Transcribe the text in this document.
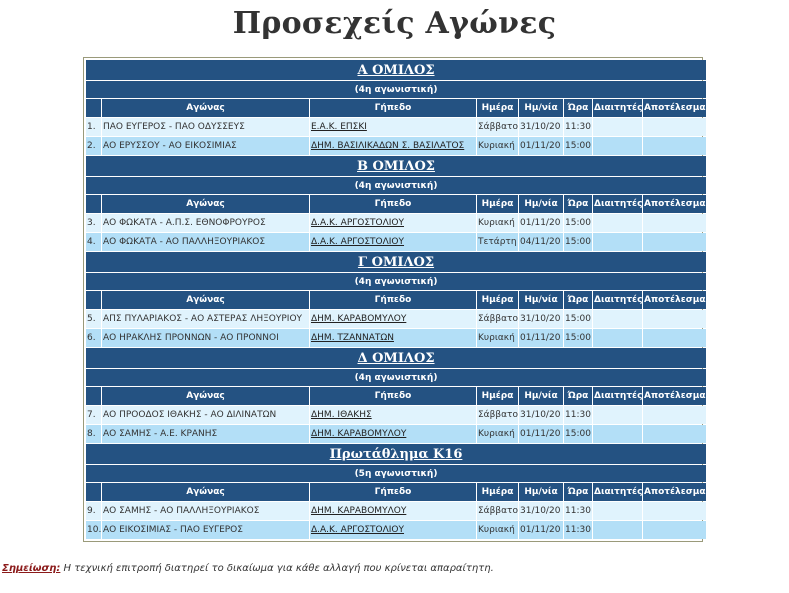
Προσεχείς Αγώνες
Α ΟΜΙΛΟΣ							
(4η αγωνιστική)							
	Αγώνας	Γήπεδο	Ημέρα	Ημ/νία	Ώρα	Διαιτητές	Αποτέλεσμα
1.	ΠΑΟ ΕΥΓΕΡΟΣ - ΠΑΟ ΟΔΥΣΣΕΥΣ	Ε.Α.Κ. ΕΠΣΚΙ	Σάββατο	31/10/20	11:30		
2.	ΑΟ ΕΡΥΣΣΟΥ - ΑΟ ΕΙΚΟΣΙΜΙΑΣ	ΔΗΜ. ΒΑΣΙΛΙΚΑΔΩΝ Σ. ΒΑΣΙΛΑΤΟΣ	Κυριακή	01/11/20	15:00		
Β ΟΜΙΛΟΣ							
(4η αγωνιστική)							
	Αγώνας	Γήπεδο	Ημέρα	Ημ/νία	Ώρα	Διαιτητές	Αποτέλεσμα
3.	ΑΟ ΦΩΚΑΤΑ - Α.Π.Σ. ΕΘΝΟΦΡΟΥΡΟΣ	Δ.Α.Κ. ΑΡΓΟΣΤΟΛΙΟΥ	Κυριακή	01/11/20	15:00		
4.	ΑΟ ΦΩΚΑΤΑ - ΑΟ ΠΑΛΛΗΞΟΥΡΙΑΚΟΣ	Δ.Α.Κ. ΑΡΓΟΣΤΟΛΙΟΥ	Τετάρτη	04/11/20	15:00		
Γ ΟΜΙΛΟΣ							
(4η αγωνιστική)							
	Αγώνας	Γήπεδο	Ημέρα	Ημ/νία	Ώρα	Διαιτητές	Αποτέλεσμα
5.	ΑΠΣ ΠΥΛΑΡΙΑΚΟΣ - ΑΟ ΑΣΤΕΡΑΣ ΛΗΞΟΥΡΙΟΥ	ΔΗΜ. ΚΑΡΑΒΟΜΥΛΟΥ	Σάββατο	31/10/20	15:00		
6.	ΑΟ ΗΡΑΚΛΗΣ ΠΡΟΝΝΩΝ - ΑΟ ΠΡΟΝΝΟΙ	ΔΗΜ. ΤΖΑΝΝΑΤΩΝ	Κυριακή	01/11/20	15:00		
Δ ΟΜΙΛΟΣ							
(4η αγωνιστική)							
	Αγώνας	Γήπεδο	Ημέρα	Ημ/νία	Ώρα	Διαιτητές	Αποτέλεσμα
7.	ΑΟ ΠΡΟΟΔΟΣ ΙΘΑΚΗΣ - ΑΟ ΔΙΛΙΝΑΤΩΝ	ΔΗΜ. ΙΘΑΚΗΣ	Σάββατο	31/10/20	11:30		
8.	ΑΟ ΣΑΜΗΣ - Α.Ε. ΚΡΑΝΗΣ	ΔΗΜ. ΚΑΡΑΒΟΜΥΛΟΥ	Κυριακή	01/11/20	15:00		
Πρωτάθλημα Κ16							
(5η αγωνιστική)							
	Αγώνας	Γήπεδο	Ημέρα	Ημ/νία	Ώρα	Διαιτητές	Αποτέλεσμα
9.	ΑΟ ΣΑΜΗΣ - ΑΟ ΠΑΛΛΗΞΟΥΡΙΑΚΟΣ	ΔΗΜ. ΚΑΡΑΒΟΜΥΛΟΥ	Σάββατο	31/10/20	11:30		
10.	ΑΟ ΕΙΚΟΣΙΜΙΑΣ - ΠΑΟ ΕΥΓΕΡΟΣ	Δ.Α.Κ. ΑΡΓΟΣΤΟΛΙΟΥ	Κυριακή	01/11/20	11:30		
Σημείωση: Η τεχνική επιτροπή διατηρεί το δικαίωμα για κάθε αλλαγή που κρίνεται απαραίτητη.
